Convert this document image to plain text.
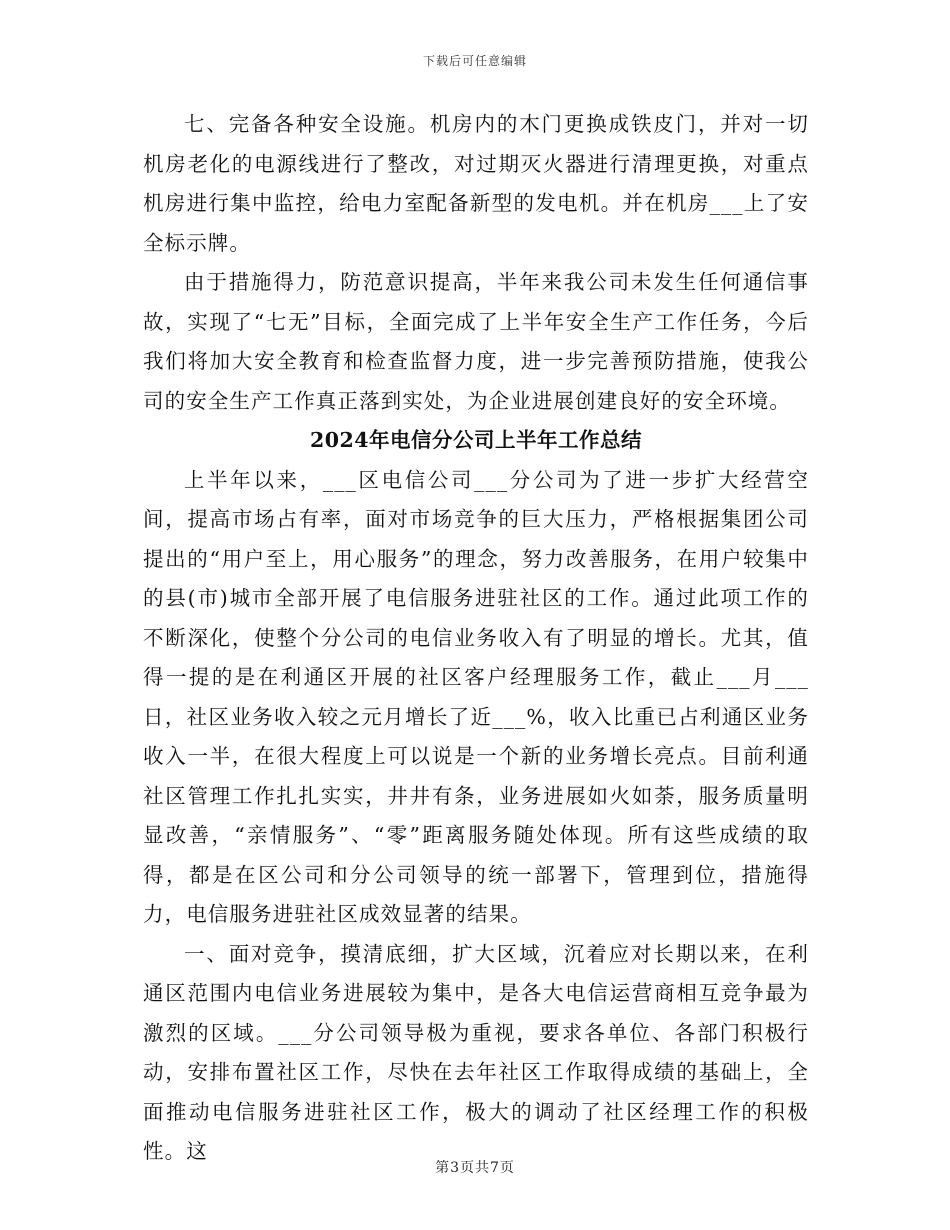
下载后可任意编辑

七、完备各种安全设施。机房内的木门更换成铁皮门，并对一切机房老化的电源线进行了整改，对过期灭火器进行清理更换，对重点机房进行集中监控，给电力室配备新型的发电机。并在机房___上了安全标示牌。

由于措施得力，防范意识提高，半年来我公司未发生任何通信事故，实现了“七无”目标，全面完成了上半年安全生产工作任务，今后我们将加大安全教育和检查监督力度，进一步完善预防措施，使我公司的安全生产工作真正落到实处，为企业进展创建良好的安全环境。

2024年电信分公司上半年工作总结

上半年以来，___区电信公司___分公司为了进一步扩大经营空间，提高市场占有率，面对市场竞争的巨大压力，严格根据集团公司提出的“用户至上，用心服务”的理念，努力改善服务，在用户较集中的县(市)城市全部开展了电信服务进驻社区的工作。通过此项工作的不断深化，使整个分公司的电信业务收入有了明显的增长。尤其，值得一提的是在利通区开展的社区客户经理服务工作，截止___月___日，社区业务收入较之元月增长了近___%，收入比重已占利通区业务收入一半，在很大程度上可以说是一个新的业务增长亮点。目前利通社区管理工作扎扎实实，井井有条，业务进展如火如荼，服务质量明显改善，“亲情服务”、“零”距离服务随处体现。所有这些成绩的取得，都是在区公司和分公司领导的统一部署下，管理到位，措施得力，电信服务进驻社区成效显著的结果。

一、面对竞争，摸清底细，扩大区域，沉着应对长期以来，在利通区范围内电信业务进展较为集中，是各大电信运营商相互竞争最为激烈的区域。___分公司领导极为重视，要求各单位、各部门积极行动，安排布置社区工作，尽快在去年社区工作取得成绩的基础上，全面推动电信服务进驻社区工作，极大的调动了社区经理工作的积极性。这

第3页共7页
